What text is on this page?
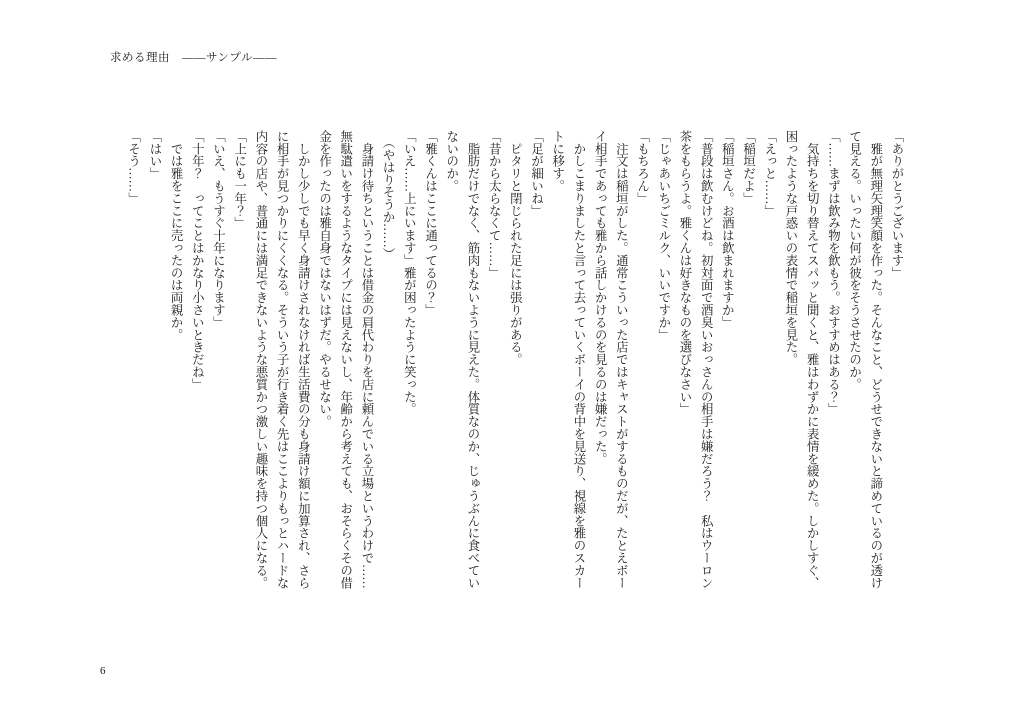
求める理由　――サンプル――

「ありがとうございます」

　雅が無理矢理笑顔を作った。そんなこと、どうせできないと諦めているのが透けて見える。いったい何が彼をそうさせたのか。

「……まずは飲み物を飲もう。おすすめはある？」

　気持ちを切り替えてスパッと聞くと、雅はわずかに表情を緩めた。しかしすぐ、困ったような戸惑いの表情で稲垣を見た。

「えっと……」

「稲垣だよ」

「稲垣さん。お酒は飲まれますか」

「普段は飲むけどね。初対面で酒臭いおっさんの相手は嫌だろう？　私はウーロン茶をもらうよ。雅くんは好きなものを選びなさい」

「じゃあいちごミルク、いいですか」

「もちろん」

　注文は稲垣がした。通常こういった店ではキャストがするものだが、たとえボーイ相手であっても雅から話しかけるのを見るのは嫌だった。

　かしこまりましたと言って去っていくボーイの背中を見送り、視線を雅のスカートに移す。

「足が細いね」

　ピタリと閉じられた足には張りがある。

「昔から太らなくて……」

　脂肪だけでなく、筋肉もないように見えた。体質なのか、じゅうぶんに食べていないのか。

「雅くんはここに通ってるの？」

「いえ……上にいます」雅が困ったように笑った。

　（やはりそうか……）

　身請け待ちということは借金の肩代わりを店に頼んでいる立場というわけで……無駄遣いをするようなタイプには見えないし、年齢から考えても、おそらくその借金を作ったのは雅自身ではないはずだ。やるせない。

　しかし少しでも早く身請けされなければ生活費の分も身請け額に加算され、さらに相手が見つかりにくくなる。そういう子が行き着く先はここよりもっとハードな内容の店や、普通には満足できないような悪質かつ激しい趣味を持つ個人になる。

「上にも一年？」

「いえ、もうすぐ十年になります」

「十年？　ってことはかなり小さいときだね」

　では雅をここに売ったのは両親か。

「はい」

「そう……」

6
